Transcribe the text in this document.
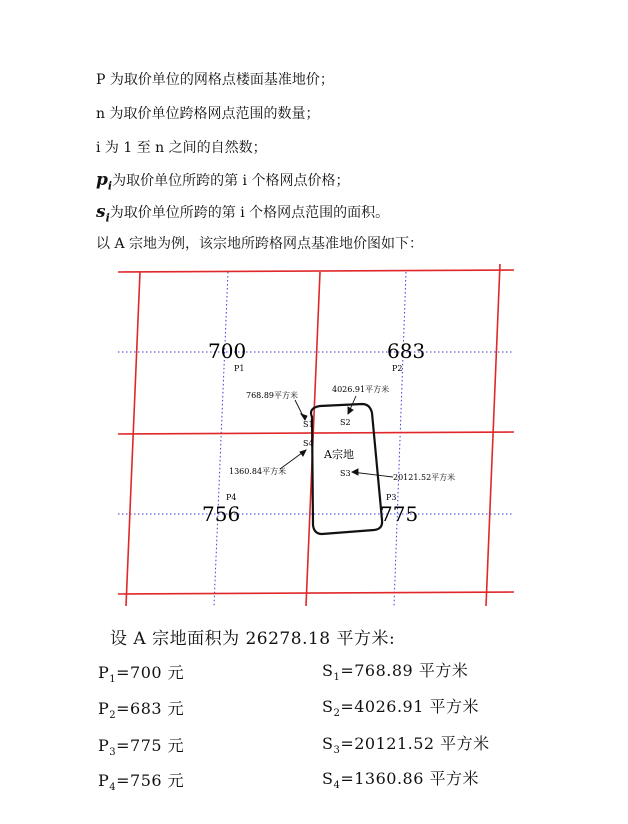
P 为取价单位的网格点楼面基准地价；
n 为取价单位跨格网点范围的数量；
i 为 1 至 n 之间的自然数；
$p_i$为取价单位所跨的第 i 个格网点价格；
$s_i$为取价单位所跨的第 i 个格网点范围的面积。
以 A 宗地为例，该宗地所跨格网点基准地价图如下：
A宗地
700
P1
683
P2
775
P3
756
P4
S1	S2
S3
S4
768.89平方米
4026.91平方米
20121.52平方米
1360.84平方米
设 A 宗地面积为 26278.18 平方米:
$P_1=700$ 元	$S_1=768.89$ 平方米
$P_2=683$ 元	$S_2=4026.91$ 平方米
$P_3=775$ 元	$S_3=20121.52$ 平方米
$P_4=756$ 元	$S_4=1360.86$ 平方米
